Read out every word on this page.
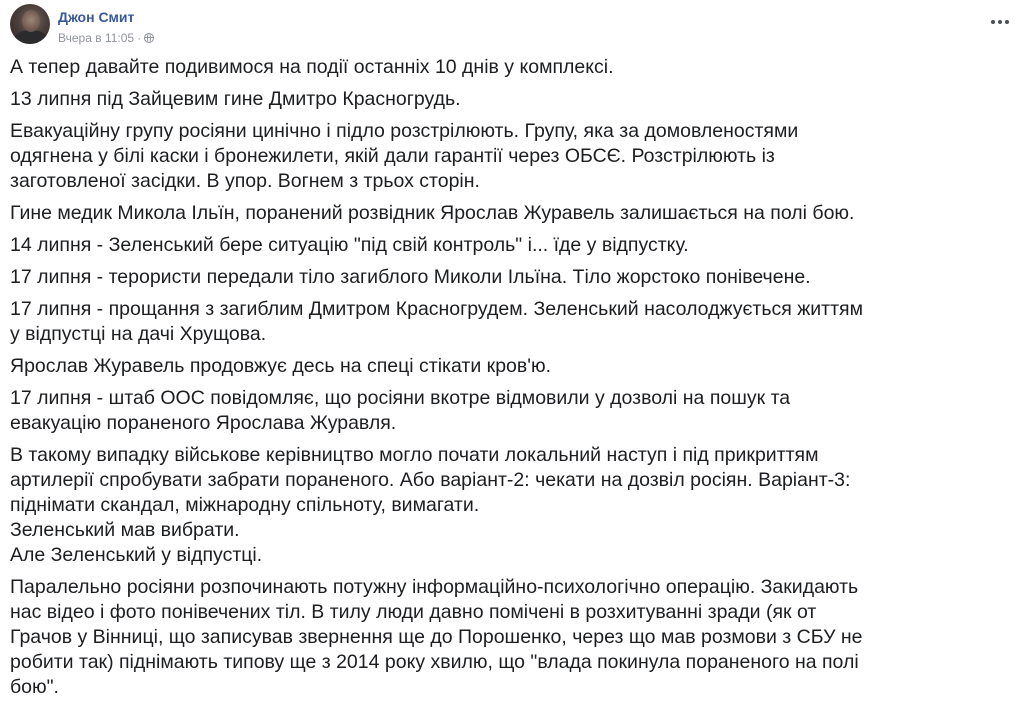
Джон Смит
Вчера в 11:05 ·

А тепер давайте подивимося на події останніх 10 днів у комплексі.

13 липня під Зайцевим гине Дмитро Красногрудь.

Евакуаційну групу росіяни цинічно і підло розстрілюють. Групу, яка за домовленостями
одягнена у білі каски і бронежилети, якій дали гарантії через ОБСЄ. Розстрілюють із
заготовленої засідки. В упор. Вогнем з трьох сторін.

Гине медик Микола Ільїн, поранений розвідник Ярослав Журавель залишається на полі бою.

14 липня - Зеленський бере ситуацію "під свій контроль" і... їде у відпустку.

17 липня - терористи передали тіло загиблого Миколи Ільїна. Тіло жорстоко понівечене.

17 липня - прощання з загиблим Дмитром Красногрудем. Зеленський насолоджується життям
у відпустці на дачі Хрущова.

Ярослав Журавель продовжує десь на спеці стікати кров'ю.

17 липня - штаб ООС повідомляє, що росіяни вкотре відмовили у дозволі на пошук та
евакуацію пораненого Ярослава Журавля.

В такому випадку військове керівництво могло почати локальний наступ і під прикриттям
артилерії спробувати забрати пораненого. Або варіант-2: чекати на дозвіл росіян. Варіант-3:
піднімати скандал, міжнародну спільноту, вимагати.
Зеленський мав вибрати.
Але Зеленський у відпустці.

Паралельно росіяни розпочинають потужну інформаційно-психологічно операцію. Закидають
нас відео і фото понівечених тіл. В тилу люди давно помічені в розхитуванні зради (як от
Грачов у Вінниці, що записував звернення ще до Порошенко, через що мав розмови з СБУ не
робити так) піднімають типову ще з 2014 року хвилю, що "влада покинула пораненого на полі
бою".
